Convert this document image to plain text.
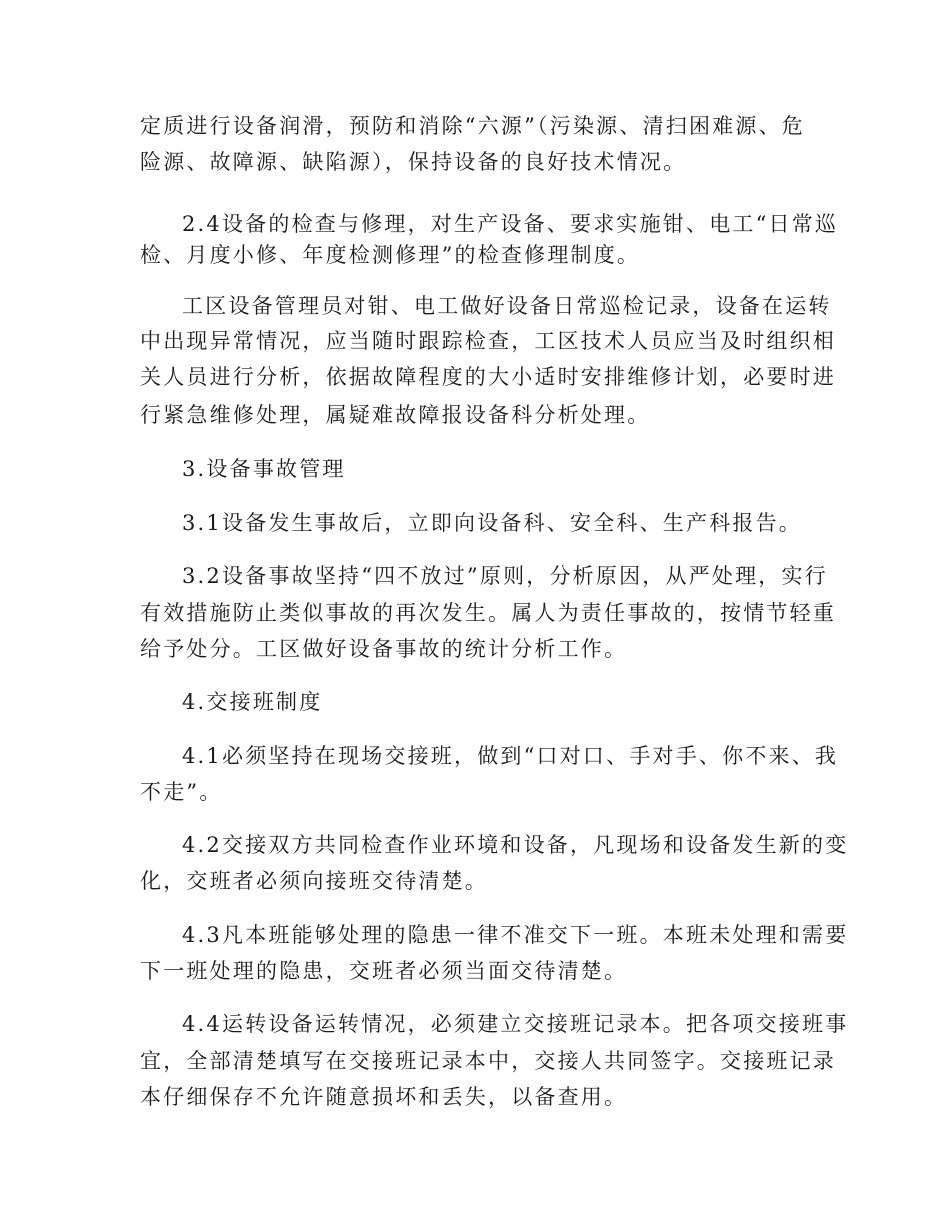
定质进行设备润滑，预防和消除“六源”（污染源、清扫困难源、危
险源、故障源、缺陷源），保持设备的良好技术情况。
2.4设备的检查与修理，对生产设备、要求实施钳、电工“日常巡
检、月度小修、年度检测修理”的检查修理制度。
工区设备管理员对钳、电工做好设备日常巡检记录，设备在运转
中出现异常情况，应当随时跟踪检查，工区技术人员应当及时组织相
关人员进行分析，依据故障程度的大小适时安排维修计划，必要时进
行紧急维修处理，属疑难故障报设备科分析处理。
3.设备事故管理
3.1设备发生事故后，立即向设备科、安全科、生产科报告。
3.2设备事故坚持“四不放过”原则，分析原因，从严处理，实行
有效措施防止类似事故的再次发生。属人为责任事故的，按情节轻重
给予处分。工区做好设备事故的统计分析工作。
4.交接班制度
4.1必须坚持在现场交接班，做到“口对口、手对手、你不来、我
不走”。
4.2交接双方共同检查作业环境和设备，凡现场和设备发生新的变
化，交班者必须向接班交待清楚。
4.3凡本班能够处理的隐患一律不准交下一班。本班未处理和需要
下一班处理的隐患，交班者必须当面交待清楚。
4.4运转设备运转情况，必须建立交接班记录本。把各项交接班事
宜，全部清楚填写在交接班记录本中，交接人共同签字。交接班记录
本仔细保存不允许随意损坏和丢失，以备查用。
